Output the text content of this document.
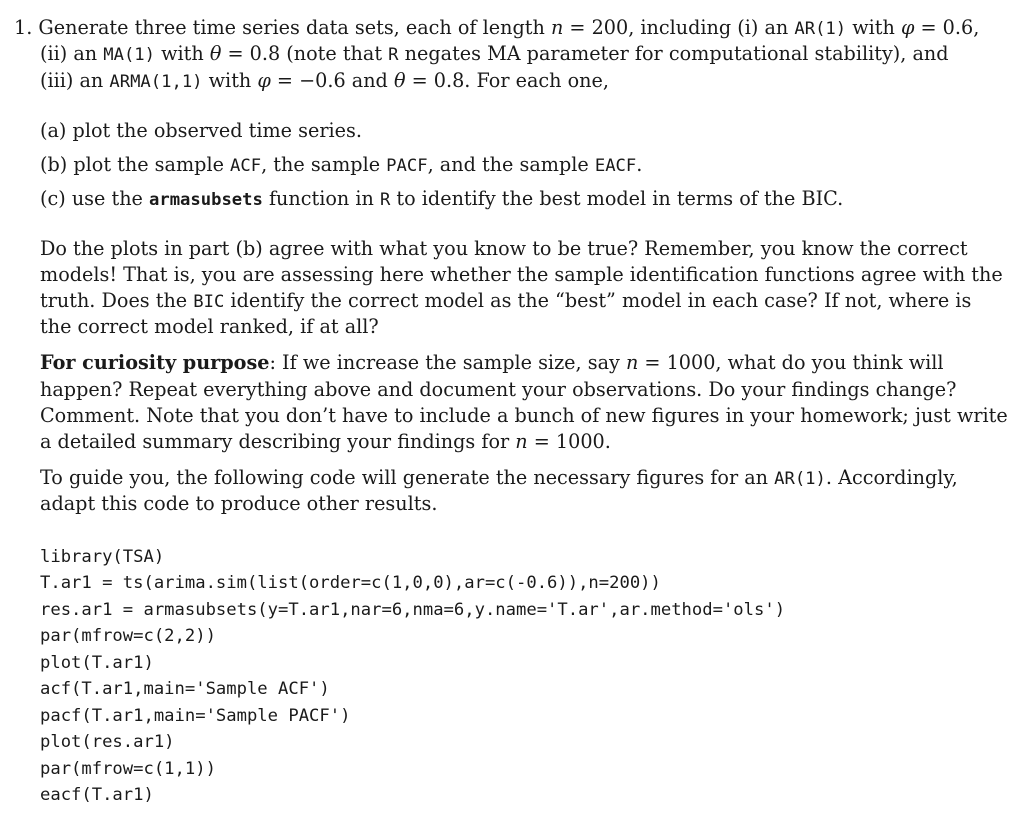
1. Generate three time series data sets, each of length n = 200, including (i) an AR(1) with φ = 0.6,
(ii) an MA(1) with θ = 0.8 (note that R negates MA parameter for computational stability), and
(iii) an ARMA(1,1) with φ = −0.6 and θ = 0.8. For each one,
(a) plot the observed time series.
(b) plot the sample ACF, the sample PACF, and the sample EACF.
(c) use the armasubsets function in R to identify the best model in terms of the BIC.
Do the plots in part (b) agree with what you know to be true? Remember, you know the correct
models! That is, you are assessing here whether the sample identification functions agree with the
truth. Does the BIC identify the correct model as the “best” model in each case? If not, where is
the correct model ranked, if at all?
For curiosity purpose: If we increase the sample size, say n = 1000, what do you think will
happen? Repeat everything above and document your observations. Do your findings change?
Comment. Note that you don’t have to include a bunch of new figures in your homework; just write
a detailed summary describing your findings for n = 1000.
To guide you, the following code will generate the necessary figures for an AR(1). Accordingly,
adapt this code to produce other results.
library(TSA)
T.ar1 = ts(arima.sim(list(order=c(1,0,0),ar=c(-0.6)),n=200))
res.ar1 = armasubsets(y=T.ar1,nar=6,nma=6,y.name='T.ar',ar.method='ols')
par(mfrow=c(2,2))
plot(T.ar1)
acf(T.ar1,main='Sample ACF')
pacf(T.ar1,main='Sample PACF')
plot(res.ar1)
par(mfrow=c(1,1))
eacf(T.ar1)
